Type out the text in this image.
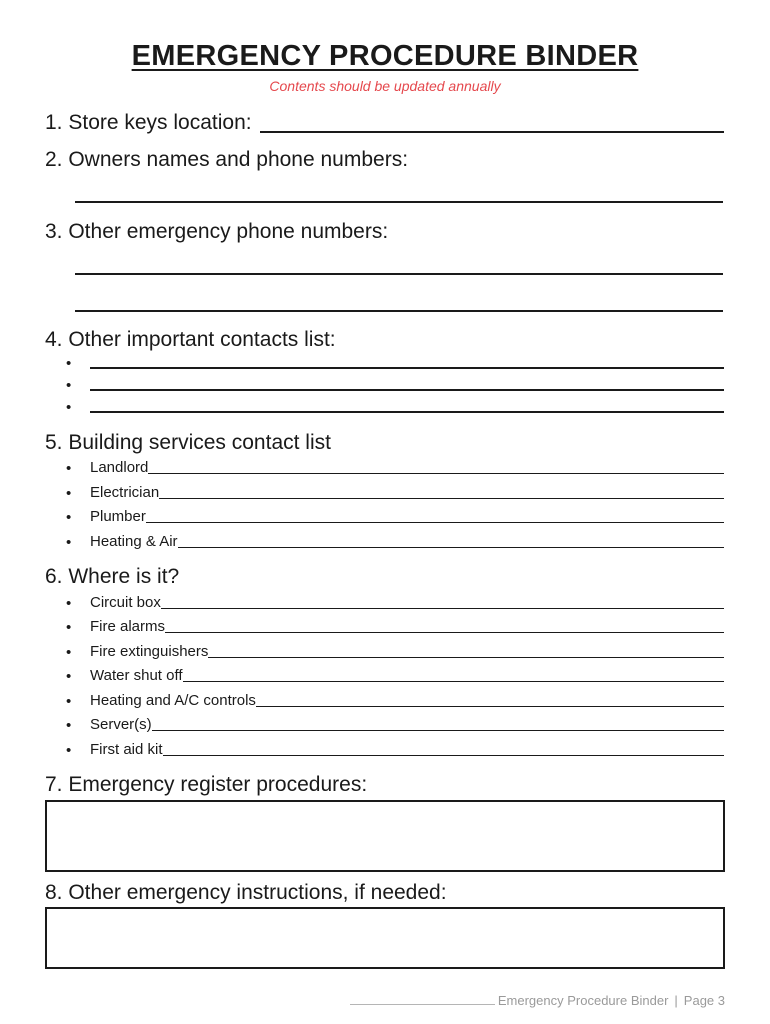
EMERGENCY PROCEDURE BINDER
Contents should be updated annually
1. Store keys location:
2. Owners names and phone numbers:
3. Other emergency phone numbers:
4. Other important contacts list:
•
•
•
5. Building services contact list
•	Landlord
•	Electrician
•	Plumber
•	Heating & Air
6. Where is it?
•	Circuit box
•	Fire alarms
•	Fire extinguishers
•	Water shut off
•	Heating and A/C controls
•	Server(s)
•	First aid kit
7. Emergency register procedures:
8. Other emergency instructions, if needed:
Emergency Procedure Binder | Page 3
